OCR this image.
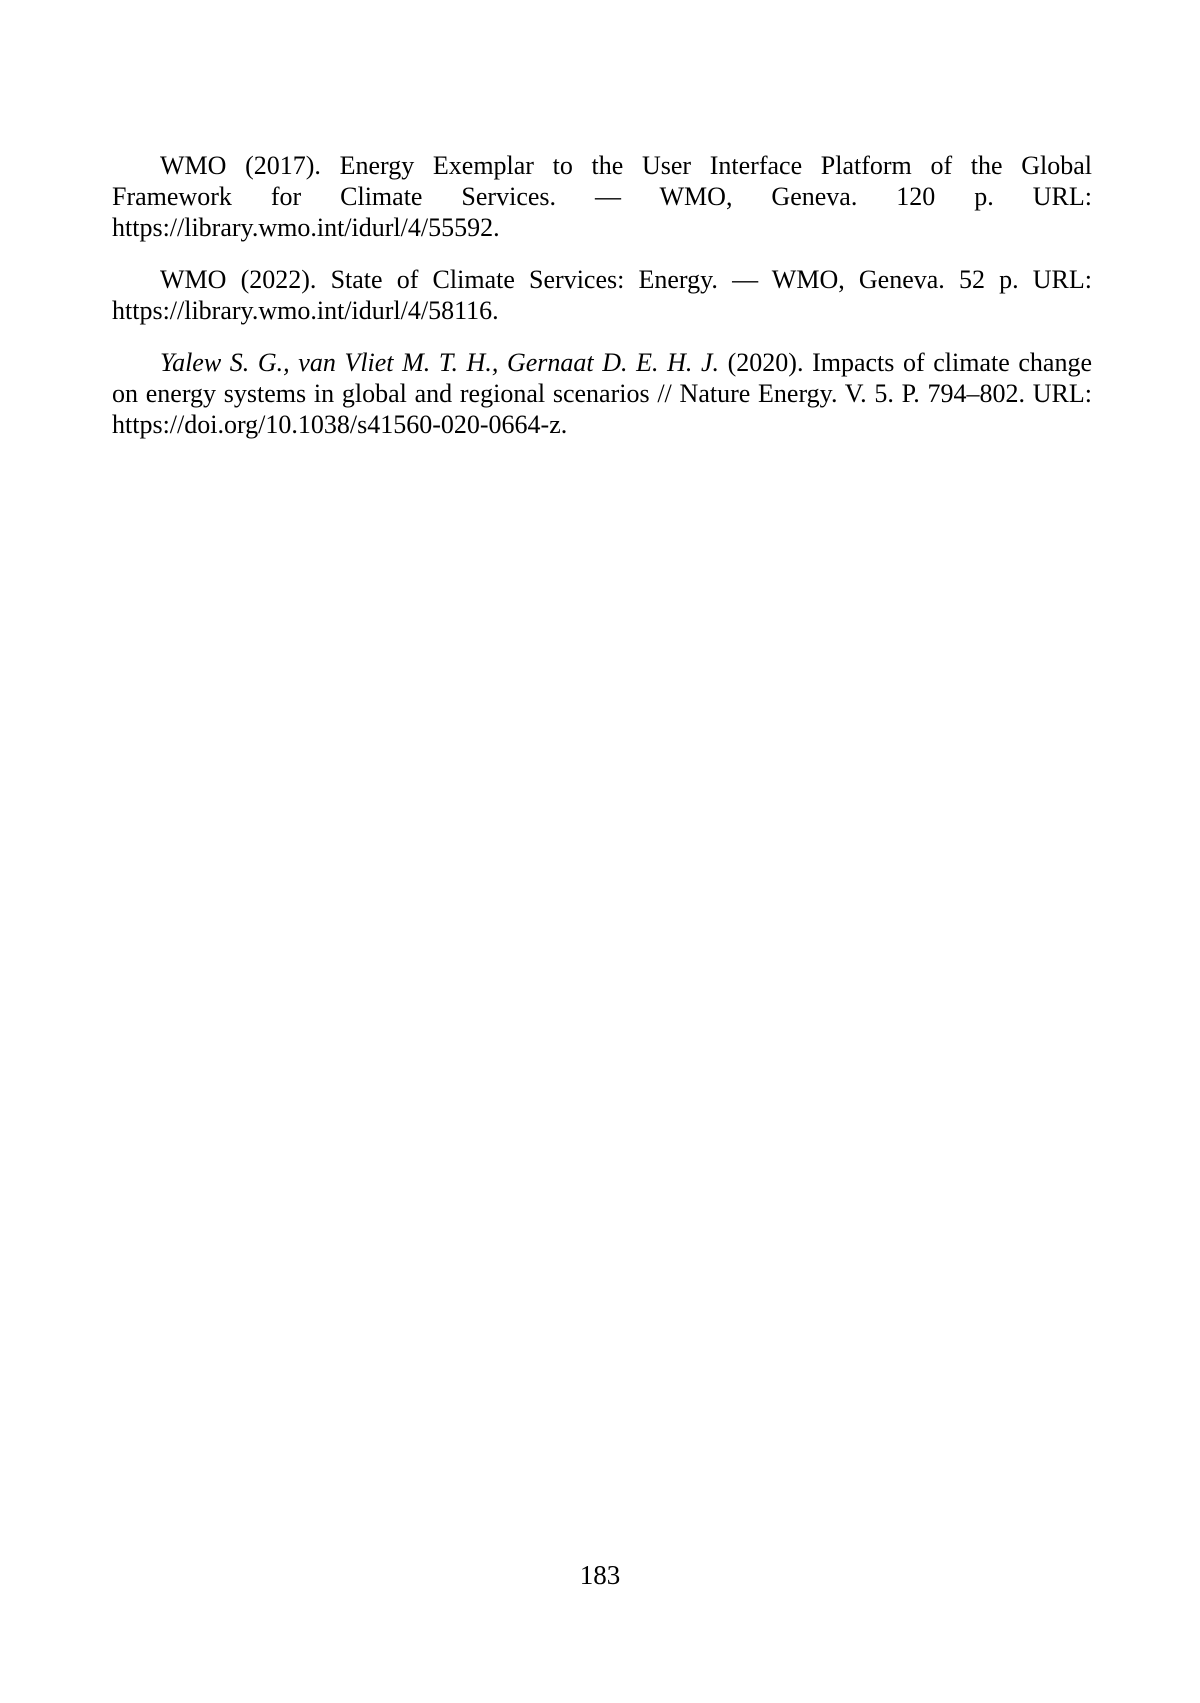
WMO (2017). Energy Exemplar to the User Interface Platform of the Global Framework for Climate Services. — WMO, Geneva. 120 p. URL: https://library.wmo.int/idurl/4/55592.

WMO (2022). State of Climate Services: Energy. — WMO, Geneva. 52 p. URL: https://library.wmo.int/idurl/4/58116.

Yalew S. G., van Vliet M. T. H., Gernaat D. E. H. J. (2020). Impacts of climate change on energy systems in global and regional scenarios // Nature Energy. V. 5. P. 794–802. URL: https://doi.org/10.1038/s41560-020-0664-z.

183
